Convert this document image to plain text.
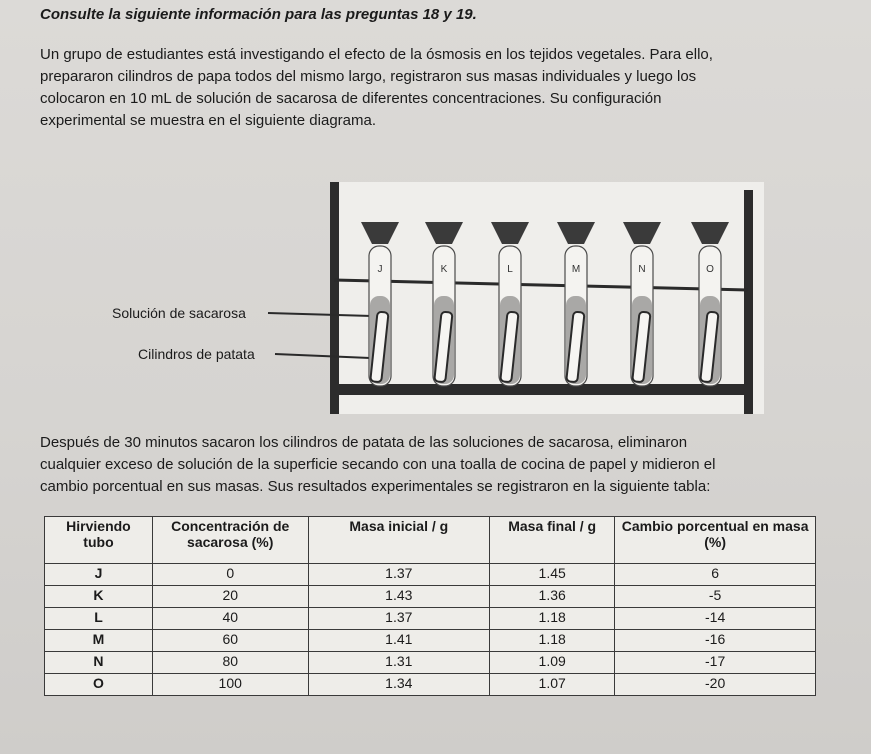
Consulte la siguiente información para las preguntas 18 y 19.
Un grupo de estudiantes está investigando el efecto de la ósmosis en los tejidos vegetales. Para ello,
prepararon cilindros de papa todos del mismo largo, registraron sus masas individuales y luego los
colocaron en 10 mL de solución de sacarosa de diferentes concentraciones. Su configuración
experimental se muestra en el siguiente diagrama.
J	K	L	M	N	O
Solución de sacarosa
Cilindros de patata
Después de 30 minutos sacaron los cilindros de patata de las soluciones de sacarosa, eliminaron
cualquier exceso de solución de la superficie secando con una toalla de cocina de papel y midieron el
cambio porcentual en sus masas. Sus resultados experimentales se registraron en la siguiente tabla:
Hirviendo tubo	Concentración de sacarosa (%)	Masa inicial / g	Masa final / g	Cambio porcentual en masa (%)
J	0	1.37	1.45	6
K	20	1.43	1.36	-5
L	40	1.37	1.18	-14
M	60	1.41	1.18	-16
N	80	1.31	1.09	-17
O	100	1.34	1.07	-20
